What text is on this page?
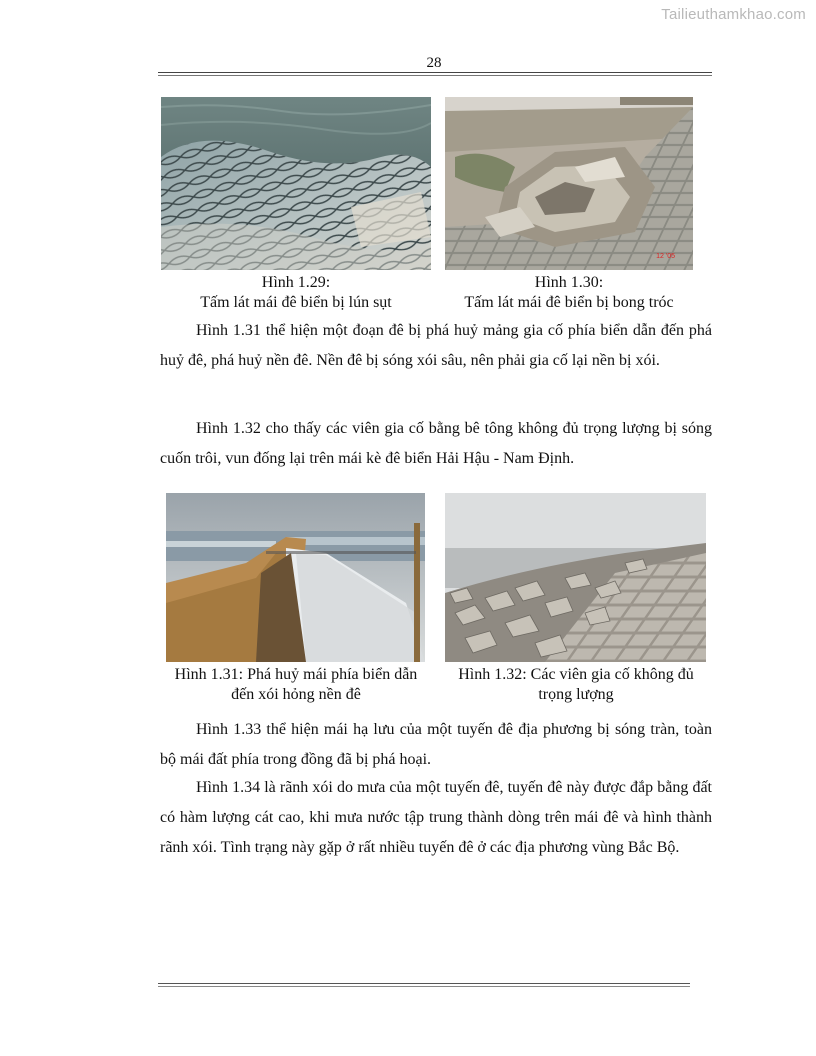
Tailieuthamkhao.com
28
Hình 1.29:
Tấm lát mái đê biển bị lún sụt
12 '05
Hình 1.30:
Tấm lát mái đê biển bị bong tróc

Hình 1.31 thể hiện một đoạn đê bị phá huỷ mảng gia cố phía biển dẫn đến phá huỷ đê, phá huỷ nền đê. Nền đê bị sóng xói sâu, nên phải gia cố lại nền bị xói.

Hình 1.32 cho thấy các viên gia cố bằng bê tông không đủ trọng lượng bị sóng cuốn trôi, vun đống lại trên mái kè đê biển Hải Hậu - Nam Định.

Hình 1.31: Phá huỷ mái phía biển dẫn
đến xói hỏng nền đê
Hình 1.32: Các viên gia cố không đủ
trọng lượng

Hình 1.33 thể hiện mái hạ lưu của một tuyến đê địa phương bị sóng tràn, toàn bộ mái đất phía trong đồng đã bị phá hoại.

Hình 1.34 là rãnh xói do mưa của một tuyến đê, tuyến đê này được đắp bằng đất có hàm lượng cát cao, khi mưa nước tập trung thành dòng trên mái đê và hình thành rãnh xói. Tình trạng này gặp ở rất nhiều tuyến đê ở các địa phương vùng Bắc Bộ.
